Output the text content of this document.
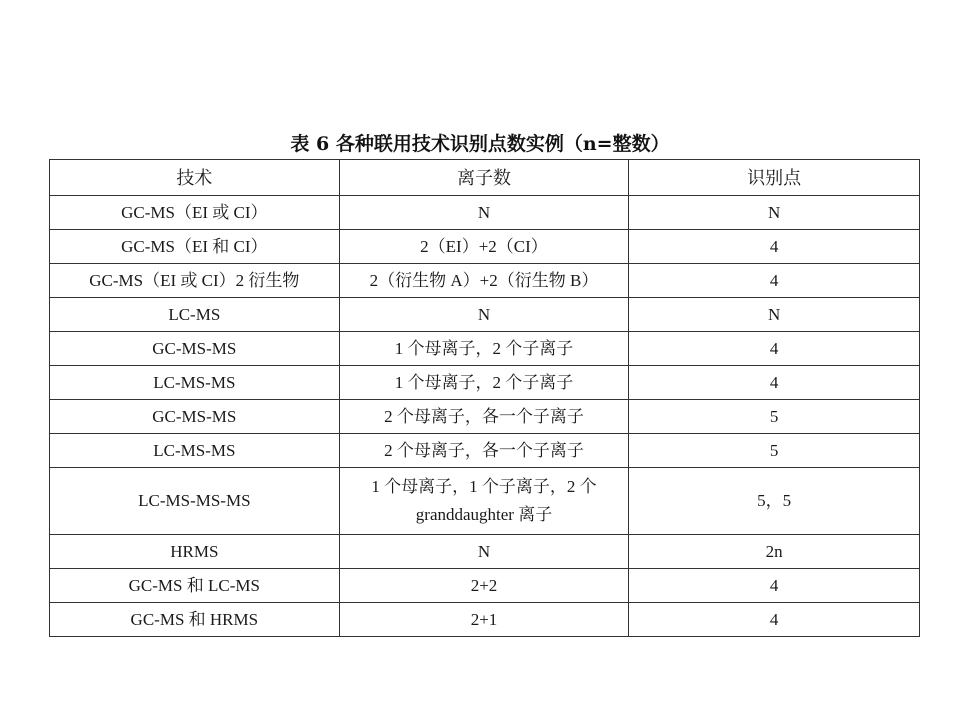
表 6 各种联用技术识别点数实例（n=整数）
技术	离子数	识别点
GC-MS（EI 或 CI）	N	N
GC-MS（EI 和 CI）	2（EI）+2（CI）	4
GC-MS（EI 或 CI）2 衍生物	2（衍生物 A）+2（衍生物 B）	4
LC-MS	N	N
GC-MS-MS	1 个母离子，2 个子离子	4
LC-MS-MS	1 个母离子，2 个子离子	4
GC-MS-MS	2 个母离子，各一个子离子	5
LC-MS-MS	2 个母离子，各一个子离子	5
LC-MS-MS-MS	1 个母离子，1 个子离子，2 个 granddaughter 离子	5，5
HRMS	N	2n
GC-MS 和 LC-MS	2+2	4
GC-MS 和 HRMS	2+1	4
